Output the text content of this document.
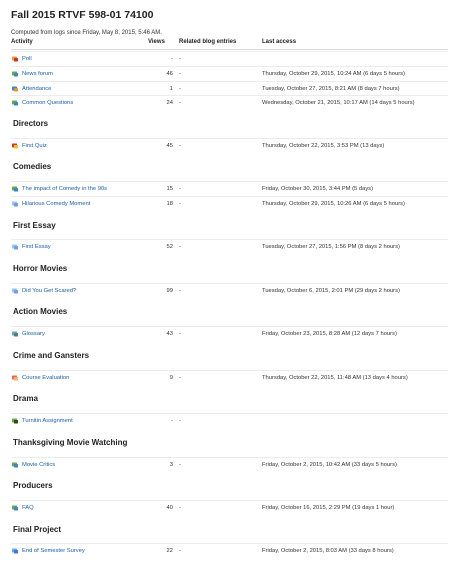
Fall 2015 RTVF 598-01 74100
Computed from logs since Friday, May 8, 2015, 5:46 AM.
Activity	Views Related blog entries	Last access
Poll	- -
News forum	46 -	Thursday, October 29, 2015, 10:24 AM (6 days 5 hours)
Attendance	1 -	Tuesday, October 27, 2015, 8:21 AM (8 days 7 hours)
Common Questions	24 -	Wednesday, October 21, 2015, 10:17 AM (14 days 5 hours)
Directors
First Quiz	45 -	Thursday, October 22, 2015, 3:53 PM (13 days)
Comedies
The impact of Comedy in the 90s	15 -	Friday, October 30, 2015, 3:44 PM (5 days)
Hilarious Comedy Moment	18 -	Thursday, October 29, 2015, 10:26 AM (6 days 5 hours)
First Essay
First Essay	52 -	Tuesday, October 27, 2015, 1:56 PM (8 days 2 hours)
Horror Movies
Did You Get Scared?	99 -	Tuesday, October 6, 2015, 2:01 PM (29 days 2 hours)
Action Movies
Glossary	43 -	Friday, October 23, 2015, 8:28 AM (12 days 7 hours)
Crime and Gansters
Course Evaluation	9 -	Thursday, October 22, 2015, 11:48 AM (13 days 4 hours)
Drama
Turnitin Assignment	- -
Thanksgiving Movie Watching
Movie Critics	3 -	Friday, October 2, 2015, 10:42 AM (33 days 5 hours)
Producers
FAQ	40 -	Friday, October 16, 2015, 2:29 PM (19 days 1 hour)
Final Project
End of Semester Survey	22 -	Friday, October 2, 2015, 8:03 AM (33 days 8 hours)
